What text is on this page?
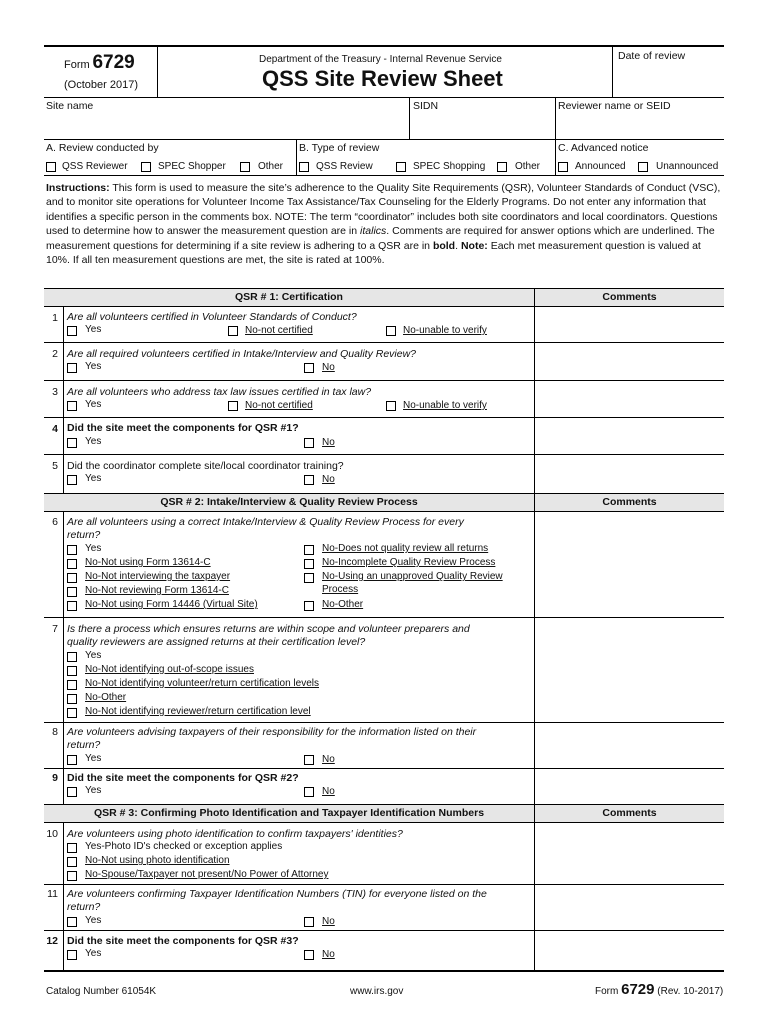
Form 6729
(October 2017)
Department of the Treasury - Internal Revenue Service
QSS Site Review Sheet
Date of review
Site name	SIDN	Reviewer name or SEID
A. Review conducted by	B. Type of review	C. Advanced notice
QSS Reviewer	SPEC Shopper	Other	QSS Review	SPEC Shopping	Other	Announced	Unannounced
Instructions: This form is used to measure the site’s adherence to the Quality Site Requirements (QSR), Volunteer Standards of Conduct (VSC), and to monitor site operations for Volunteer Income Tax Assistance/Tax Counseling for the Elderly Programs. Do not enter any information that identifies a specific person in the comments box. NOTE: The term “coordinator” includes both site coordinators and local coordinators. Questions used to determine how to answer the measurement question are in italics. Comments are required for answer options which are underlined. The measurement questions for determining if a site review is adhering to a QSR are in bold. Note: Each met measurement question is valued at 10%. If all ten measurement questions are met, the site is rated at 100%.
QSR # 1: Certification	Comments
1 Are all volunteers certified in Volunteer Standards of Conduct?
Yes	No-not certified	No-unable to verify
2 Are all required volunteers certified in Intake/Interview and Quality Review?
Yes	No
3 Are all volunteers who address tax law issues certified in tax law?
Yes	No-not certified	No-unable to verify
4 Did the site meet the components for QSR #1?
Yes	No
5 Did the coordinator complete site/local coordinator training?
Yes	No
QSR # 2: Intake/Interview & Quality Review Process	Comments
6 Are all volunteers using a correct Intake/Interview & Quality Review Process for every
return?
Yes
No-Not using Form 13614-C
No-Not interviewing the taxpayer
No-Not reviewing Form 13614-C
No-Not using Form 14446 (Virtual Site)
No-Does not quality review all returns
No-Incomplete Quality Review Process
No-Using an unapproved Quality Review
Process
No-Other
7 Is there a process which ensures returns are within scope and volunteer preparers and
quality reviewers are assigned returns at their certification level?
Yes
No-Not identifying out-of-scope issues
No-Not identifying volunteer/return certification levels
No-Other
No-Not identifying reviewer/return certification level
8 Are volunteers advising taxpayers of their responsibility for the information listed on their
return?
Yes	No
9 Did the site meet the components for QSR #2?
Yes	No
QSR # 3: Confirming Photo Identification and Taxpayer Identification Numbers	Comments
10 Are volunteers using photo identification to confirm taxpayers' identities?
Yes-Photo ID's checked or exception applies
No-Not using photo identification
No-Spouse/Taxpayer not present/No Power of Attorney
11 Are volunteers confirming Taxpayer Identification Numbers (TIN) for everyone listed on the
return?
Yes	No
12 Did the site meet the components for QSR #3?
Yes	No
Catalog Number 61054K	www.irs.gov	Form 6729 (Rev. 10-2017)
